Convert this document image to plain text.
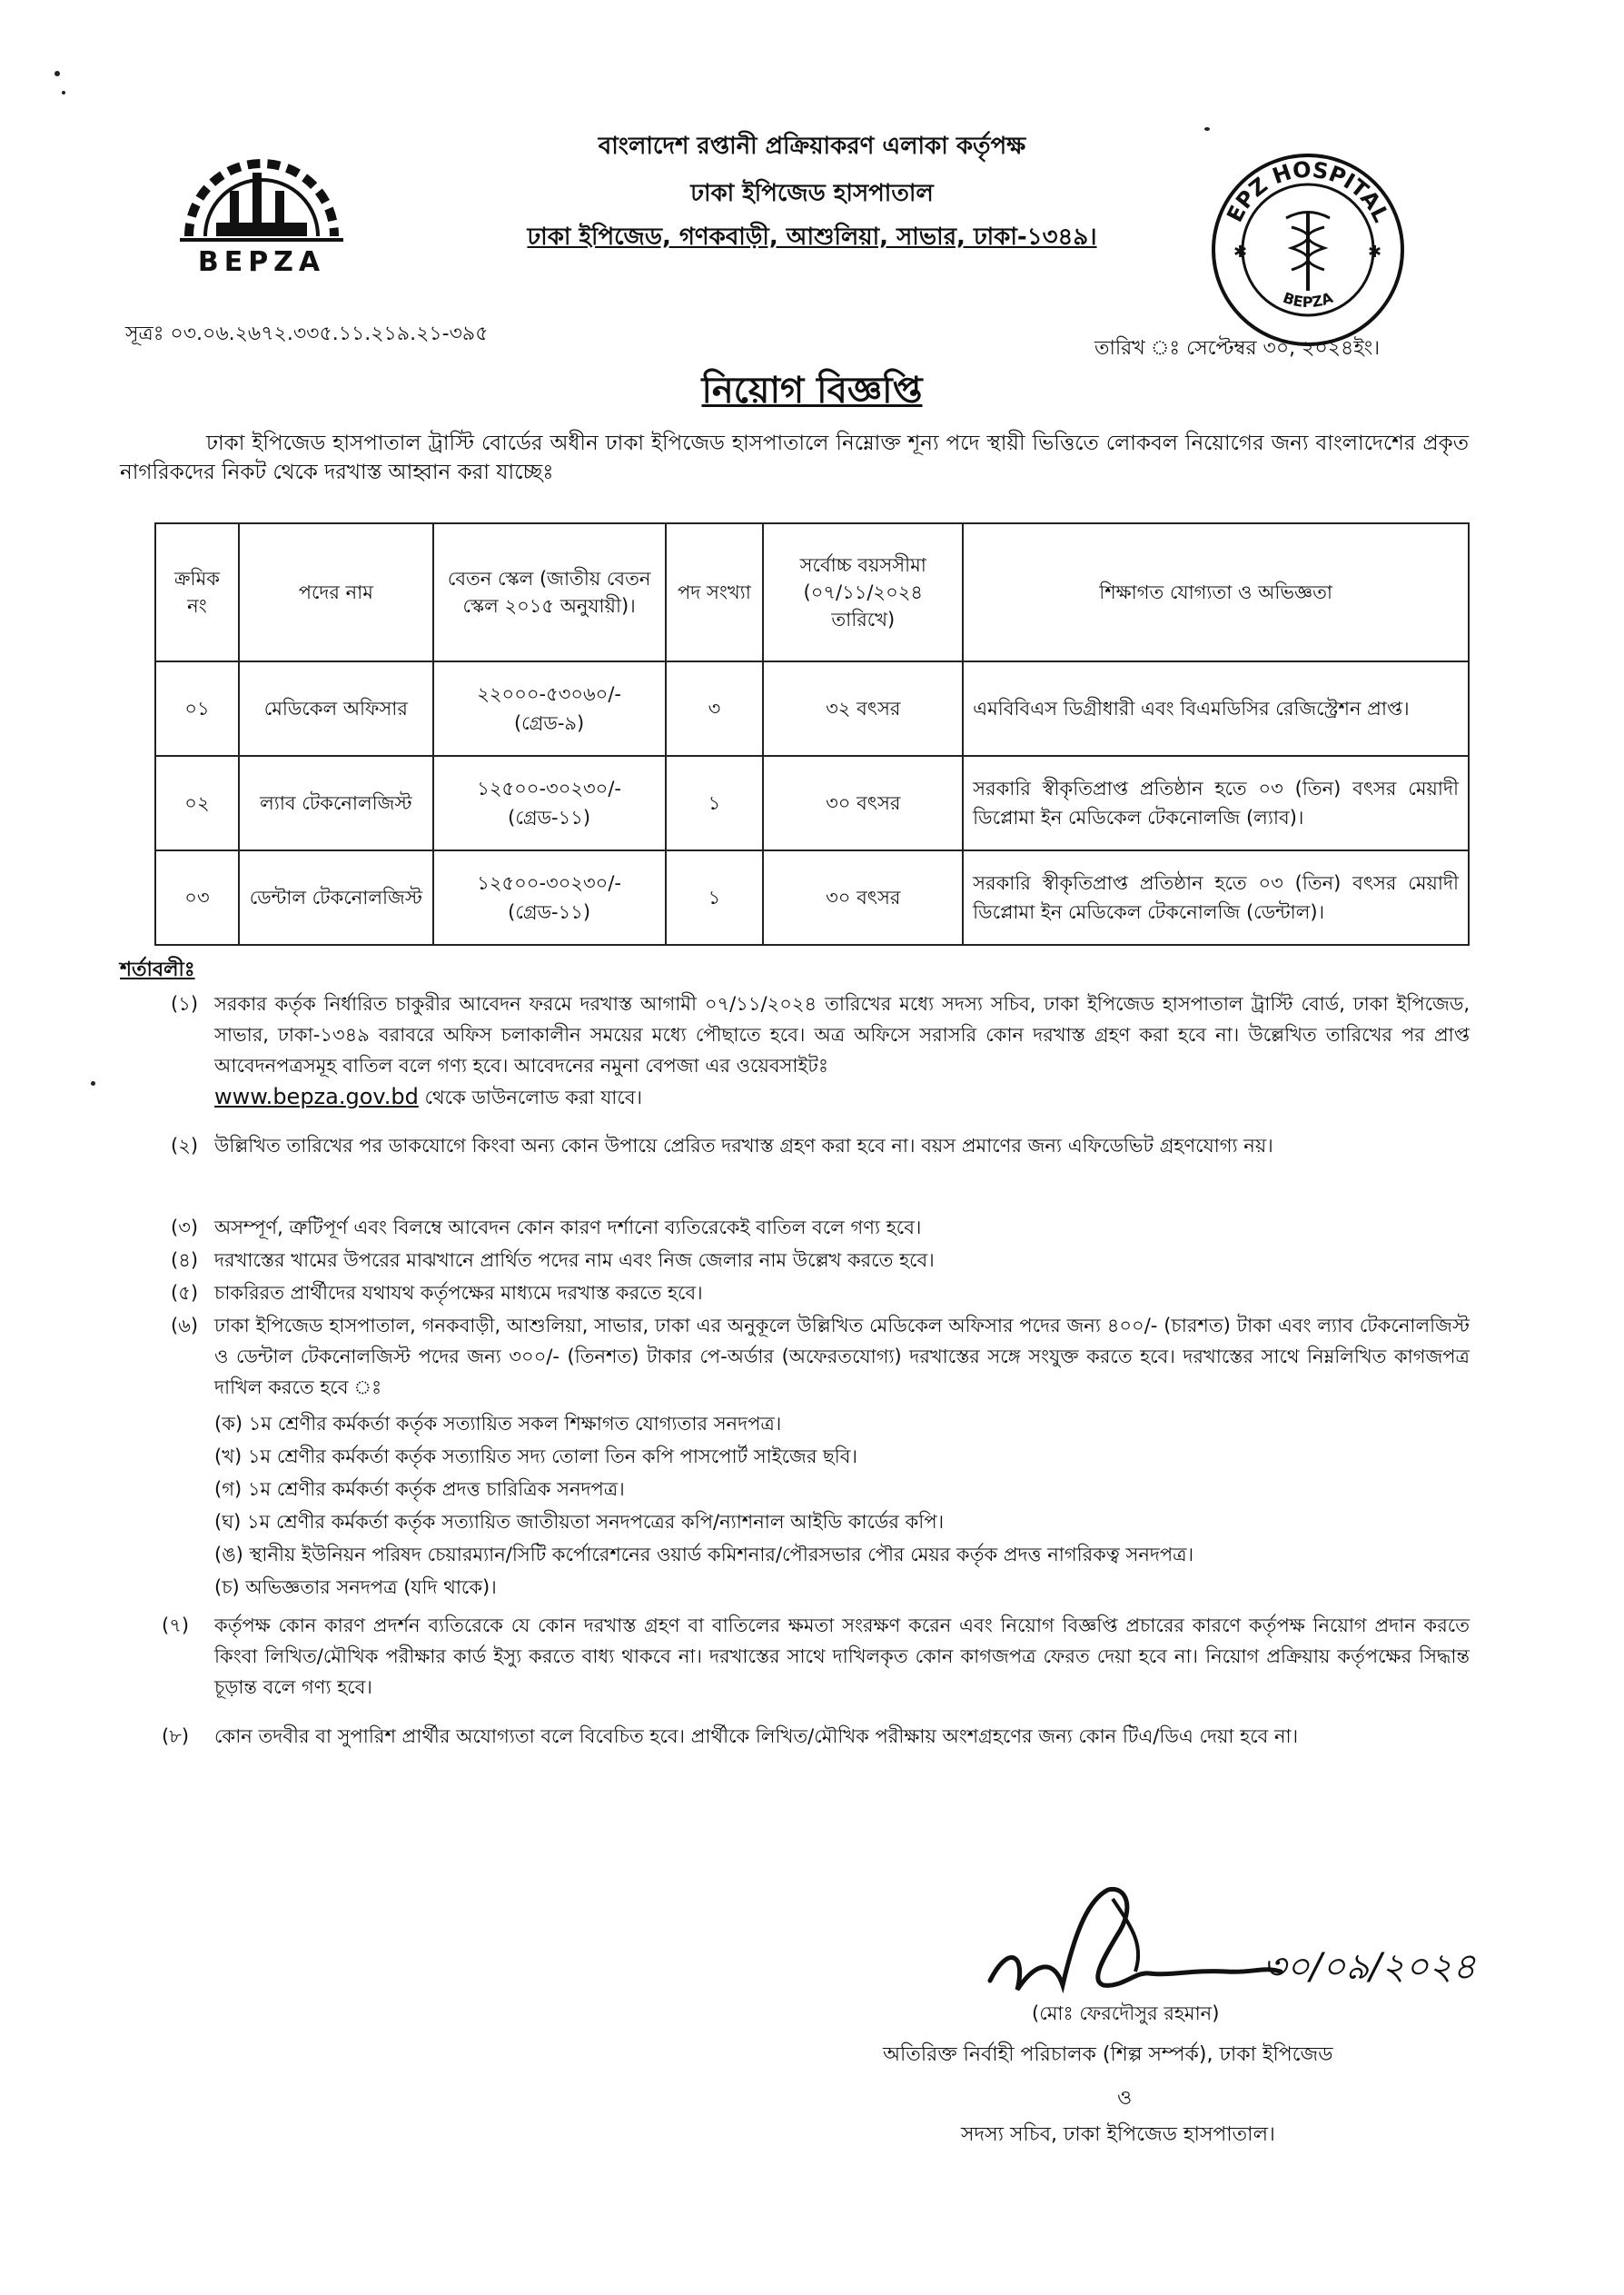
BEPZA
বাংলাদেশ রপ্তানী প্রক্রিয়াকরণ এলাকা কর্তৃপক্ষ
ঢাকা ইপিজেড হাসপাতাল
ঢাকা ইপিজেড, গণকবাড়ী, আশুলিয়া, সাভার, ঢাকা-১৩৪৯।
EPZ HOSPITAL
BEPZA
✱	✱
সূত্রঃ ০৩.০৬.২৬৭২.৩৩৫.১১.২১৯.২১-৩৯৫
তারিখ ঃ সেপ্টেম্বর ৩০, ২০২৪ইং।
নিয়োগ বিজ্ঞপ্তি
ঢাকা ইপিজেড হাসপাতাল ট্রাস্টি বোর্ডের অধীন ঢাকা ইপিজেড হাসপাতালে নিম্নোক্ত শূন্য পদে স্থায়ী ভিত্তিতে লোকবল নিয়োগের জন্য বাংলাদেশের প্রকৃত নাগরিকদের নিকট থেকে দরখাস্ত আহ্বান করা যাচ্ছেঃ
ক্রমিক নং	পদের নাম	বেতন স্কেল (জাতীয় বেতন স্কেল ২০১৫ অনুযায়ী)।	পদ সংখ্যা	সর্বোচ্চ বয়সসীমা (০৭/১১/২০২৪ তারিখে)	শিক্ষাগত যোগ্যতা ও অভিজ্ঞতা
০১	মেডিকেল অফিসার	২২০০০-৫৩০৬০/-
(গ্রেড-৯)	৩	৩২ বৎসর	এমবিবিএস ডিগ্রীধারী এবং বিএমডিসির রেজিস্ট্রেশন প্রাপ্ত।
০২	ল্যাব টেকনোলজিস্ট	১২৫০০-৩০২৩০/-
(গ্রেড-১১)	১	৩০ বৎসর	সরকারি স্বীকৃতিপ্রাপ্ত প্রতিষ্ঠান হতে ০৩ (তিন) বৎসর মেয়াদী ডিপ্লোমা ইন মেডিকেল টেকনোলজি (ল্যাব)।
০৩	ডেন্টাল টেকনোলজিস্ট	১২৫০০-৩০২৩০/-
(গ্রেড-১১)	১	৩০ বৎসর	সরকারি স্বীকৃতিপ্রাপ্ত প্রতিষ্ঠান হতে ০৩ (তিন) বৎসর মেয়াদী ডিপ্লোমা ইন মেডিকেল টেকনোলজি (ডেন্টাল)।
শর্তাবলীঃ
(১) সরকার কর্তৃক নির্ধারিত চাকুরীর আবেদন ফরমে দরখাস্ত আগামী ০৭/১১/২০২৪ তারিখের মধ্যে সদস্য সচিব, ঢাকা ইপিজেড হাসপাতাল ট্রাস্টি বোর্ড, ঢাকা ইপিজেড, সাভার, ঢাকা-১৩৪৯ বরাবরে অফিস চলাকালীন সময়ের মধ্যে পৌছাতে হবে। অত্র অফিসে সরাসরি কোন দরখাস্ত গ্রহণ করা হবে না। উল্লেখিত তারিখের পর প্রাপ্ত আবেদনপত্রসমূহ বাতিল বলে গণ্য হবে। আবেদনের নমুনা বেপজা এর ওয়েবসাইটঃ
www.bepza.gov.bd থেকে ডাউনলোড করা যাবে।
(২) উল্লিখিত তারিখের পর ডাকযোগে কিংবা অন্য কোন উপায়ে প্রেরিত দরখাস্ত গ্রহণ করা হবে না। বয়স প্রমাণের জন্য এফিডেভিট গ্রহণযোগ্য নয়।
(৩) অসম্পূর্ণ, ত্রুটিপূর্ণ এবং বিলম্বে আবেদন কোন কারণ দর্শানো ব্যতিরেকেই বাতিল বলে গণ্য হবে।
(৪) দরখাস্তের খামের উপরের মাঝখানে প্রার্থিত পদের নাম এবং নিজ জেলার নাম উল্লেখ করতে হবে।
(৫) চাকরিরত প্রার্থীদের যথাযথ কর্তৃপক্ষের মাধ্যমে দরখাস্ত করতে হবে।
(৬) ঢাকা ইপিজেড হাসপাতাল, গনকবাড়ী, আশুলিয়া, সাভার, ঢাকা এর অনুকূলে উল্লিখিত মেডিকেল অফিসার পদের জন্য ৪০০/- (চারশত) টাকা এবং ল্যাব টেকনোলজিস্ট ও ডেন্টাল টেকনোলজিস্ট পদের জন্য ৩০০/- (তিনশত) টাকার পে-অর্ডার (অফেরতযোগ্য) দরখাস্তের সঙ্গে সংযুক্ত করতে হবে। দরখাস্তের সাথে নিম্নলিখিত কাগজপত্র দাখিল করতে হবে ঃ
(ক) ১ম শ্রেণীর কর্মকর্তা কর্তৃক সত্যায়িত সকল শিক্ষাগত যোগ্যতার সনদপত্র।
(খ) ১ম শ্রেণীর কর্মকর্তা কর্তৃক সত্যায়িত সদ্য তোলা তিন কপি পাসপোর্ট সাইজের ছবি।
(গ) ১ম শ্রেণীর কর্মকর্তা কর্তৃক প্রদত্ত চারিত্রিক সনদপত্র।
(ঘ) ১ম শ্রেণীর কর্মকর্তা কর্তৃক সত্যায়িত জাতীয়তা সনদপত্রের কপি/ন্যাশনাল আইডি কার্ডের কপি।
(ঙ) স্থানীয় ইউনিয়ন পরিষদ চেয়ারম্যান/সিটি কর্পোরেশনের ওয়ার্ড কমিশনার/পৌরসভার পৌর মেয়র কর্তৃক প্রদত্ত নাগরিকত্ব সনদপত্র।
(চ) অভিজ্ঞতার সনদপত্র (যদি থাকে)।
(৭) কর্তৃপক্ষ কোন কারণ প্রদর্শন ব্যতিরেকে যে কোন দরখাস্ত গ্রহণ বা বাতিলের ক্ষমতা সংরক্ষণ করেন এবং নিয়োগ বিজ্ঞপ্তি প্রচারের কারণে কর্তৃপক্ষ নিয়োগ প্রদান করতে কিংবা লিখিত/মৌখিক পরীক্ষার কার্ড ইস্যু করতে বাধ্য থাকবে না। দরখাস্তের সাথে দাখিলকৃত কোন কাগজপত্র ফেরত দেয়া হবে না। নিয়োগ প্রক্রিয়ায় কর্তৃপক্ষের সিদ্ধান্ত চূড়ান্ত বলে গণ্য হবে।
(৮) কোন তদবীর বা সুপারিশ প্রার্থীর অযোগ্যতা বলে বিবেচিত হবে। প্রার্থীকে লিখিত/মৌখিক পরীক্ষায় অংশগ্রহণের জন্য কোন টিএ/ডিএ দেয়া হবে না।
৩০/০৯/২০২৪
(মোঃ ফেরদৌসুর রহমান)
অতিরিক্ত নির্বাহী পরিচালক (শিল্প সম্পর্ক), ঢাকা ইপিজেড
ও
সদস্য সচিব, ঢাকা ইপিজেড হাসপাতাল।
